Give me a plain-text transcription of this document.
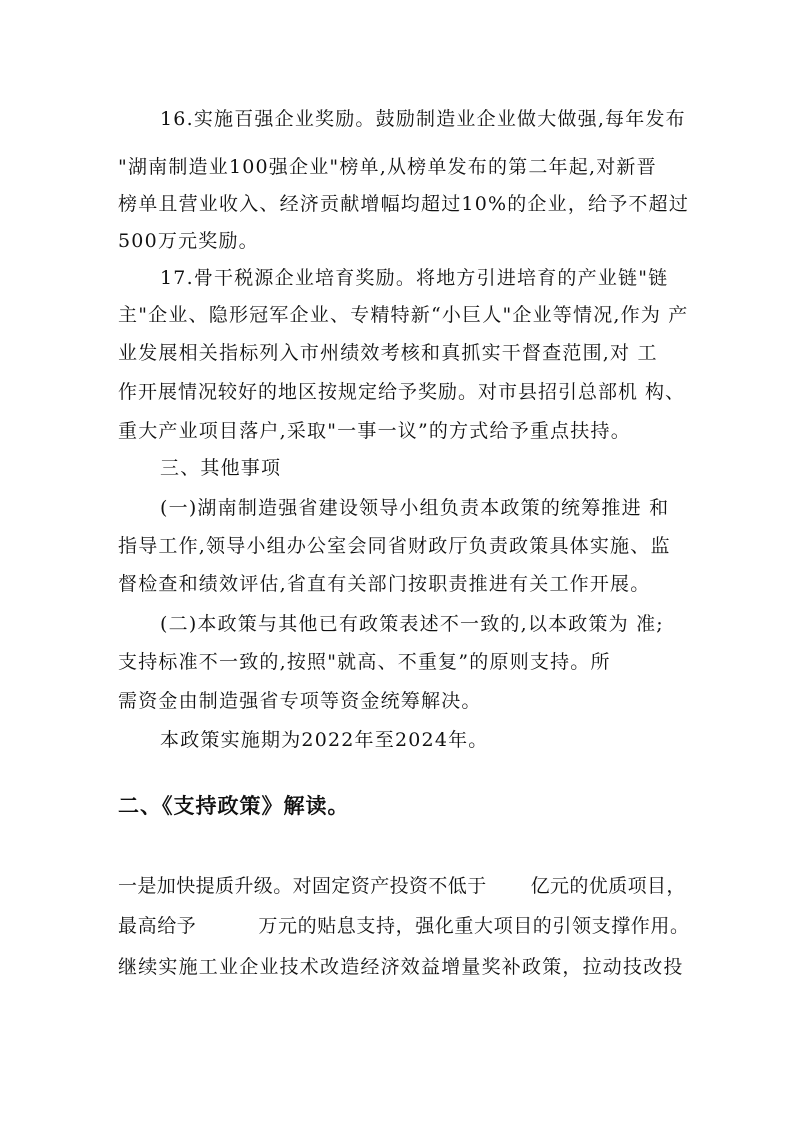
16.实施百强企业奖励。鼓励制造业企业做大做强,每年发布
"湖南制造业100强企业"榜单,从榜单发布的第二年起,对新晋
榜单且营业收入、经济贡献增幅均超过10%的企业，给予不超过
500万元奖励。
17.骨干税源企业培育奖励。将地方引进培育的产业链"链
主"企业、隐形冠军企业、专精特新“小巨人"企业等情况,作为 产
业发展相关指标列入市州绩效考核和真抓实干督查范围,对 工
作开展情况较好的地区按规定给予奖励。对市县招引总部机 构、
重大产业项目落户,采取"一事一议”的方式给予重点扶持。
三、其他事项
(一)湖南制造强省建设领导小组负责本政策的统筹推进 和
指导工作,领导小组办公室会同省财政厅负责政策具体实施、监
督检查和绩效评估,省直有关部门按职责推进有关工作开展。
(二)本政策与其他已有政策表述不一致的,以本政策为 准;
支持标准不一致的,按照"就高、不重复”的原则支持。所
需资金由制造强省专项等资金统筹解决。
本政策实施期为2022年至2024年。
二、《支持政策》解读。
一是加快提质升级。对固定资产投资不低于 亿元的优质项目，
最高给予	万元的贴息支持，强化重大项目的引领支撑作用。
继续实施工业企业技术改造经济效益增量奖补政策，拉动技改投
